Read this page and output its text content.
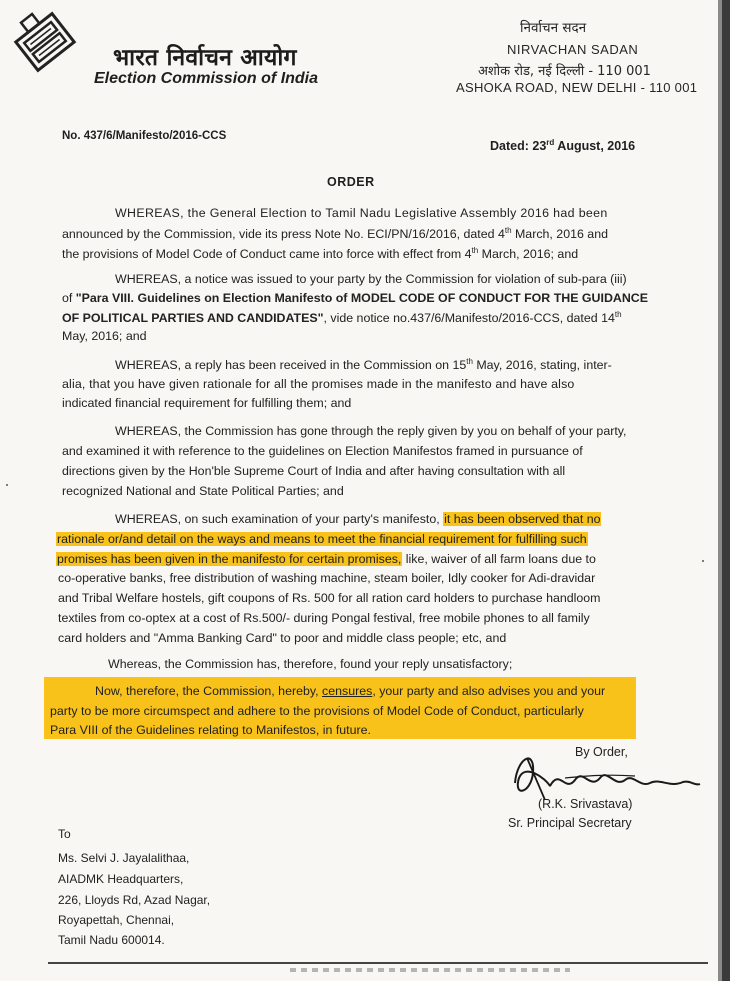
भारत निर्वाचन आयोग
Election Commission of India
निर्वाचन सदन
NIRVACHAN SADAN
अशोक रोड, नई दिल्ली - 110 001
ASHOKA ROAD, NEW DELHI - 110 001
No. 437/6/Manifesto/2016-CCS
Dated: 23rd August, 2016
ORDER
WHEREAS, the General Election to Tamil Nadu Legislative Assembly 2016 had been
announced by the Commission, vide its press Note No. ECI/PN/16/2016, dated 4th March, 2016 and
the provisions of Model Code of Conduct came into force with effect from 4th March, 2016; and
WHEREAS, a notice was issued to your party by the Commission for violation of sub-para (iii)
of "Para VIII. Guidelines on Election Manifesto of MODEL CODE OF CONDUCT FOR THE GUIDANCE
OF POLITICAL PARTIES AND CANDIDATES", vide notice no.437/6/Manifesto/2016-CCS, dated 14th
May, 2016; and
WHEREAS, a reply has been received in the Commission on 15th May, 2016, stating, inter-
alia, that you have given rationale for all the promises made in the manifesto and have also
indicated financial requirement for fulfilling them; and
WHEREAS, the Commission has gone through the reply given by you on behalf of your party,
and examined it with reference to the guidelines on Election Manifestos framed in pursuance of
directions given by the Hon'ble Supreme Court of India and after having consultation with all
recognized National and State Political Parties; and
WHEREAS, on such examination of your party's manifesto, it has been observed that no
rationale or/and detail on the ways and means to meet the financial requirement for fulfilling such
promises has been given in the manifesto for certain promises, like, waiver of all farm loans due to
co-operative banks, free distribution of washing machine, steam boiler, Idly cooker for Adi-dravidar
and Tribal Welfare hostels, gift coupons of Rs. 500 for all ration card holders to purchase handloom
textiles from co-optex at a cost of Rs.500/- during Pongal festival, free mobile phones to all family
card holders and "Amma Banking Card" to poor and middle class people; etc, and
Whereas, the Commission has, therefore, found your reply unsatisfactory;
Now, therefore, the Commission, hereby, censures, your party and also advises you and your
party to be more circumspect and adhere to the provisions of Model Code of Conduct, particularly
Para VIII of the Guidelines relating to Manifestos, in future.
By Order,
(R.K. Srivastava)
Sr. Principal Secretary
To
Ms. Selvi J. Jayalalithaa,
AIADMK Headquarters,
226, Lloyds Rd, Azad Nagar,
Royapettah, Chennai,
Tamil Nadu 600014.
